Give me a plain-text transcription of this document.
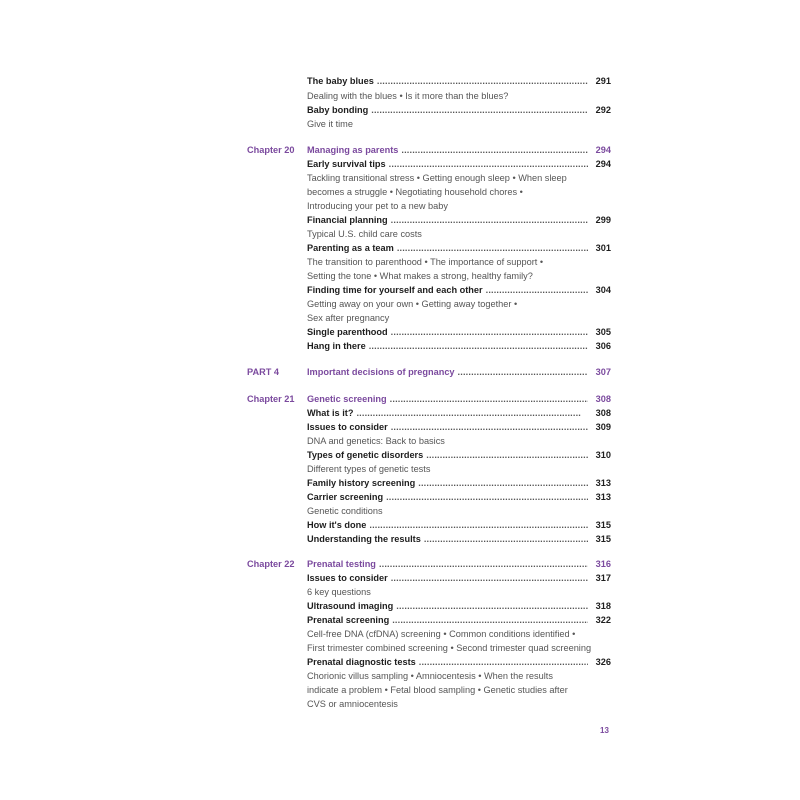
The baby blues . . .	291
Dealing with the blues • Is it more than the blues?
Baby bonding . . .	292
Give it time
Chapter 20 Managing as parents . . .	294
Early survival tips . . .	294
Tackling transitional stress • Getting enough sleep • When sleep
becomes a struggle • Negotiating household chores •
Introducing your pet to a new baby
Financial planning . . .	299
Typical U.S. child care costs
Parenting as a team . . .	301
The transition to parenthood • The importance of support •
Setting the tone • What makes a strong, healthy family?
Finding time for yourself and each other . . .	304
Getting away on your own • Getting away together •
Sex after pregnancy
Single parenthood . . .	305
Hang in there . . .	306
PART 4	Important decisions of pregnancy . . .	307
Chapter 21 Genetic screening . . .	308
What is it? . . .	308
Issues to consider . . .	309
DNA and genetics: Back to basics
Types of genetic disorders . . .	310
Different types of genetic tests
Family history screening . . .	313
Carrier screening . . .	313
Genetic conditions
How it's done . . .	315
Understanding the results . . .	315
Chapter 22 Prenatal testing . . .	316
Issues to consider . . .	317
6 key questions
Ultrasound imaging . . .	318
Prenatal screening . . .	322
Cell-free DNA (cfDNA) screening • Common conditions identified •
First trimester combined screening • Second trimester quad screening
Prenatal diagnostic tests . . .	326
Chorionic villus sampling • Amniocentesis • When the results
indicate a problem • Fetal blood sampling • Genetic studies after
CVS or amniocentesis
13
